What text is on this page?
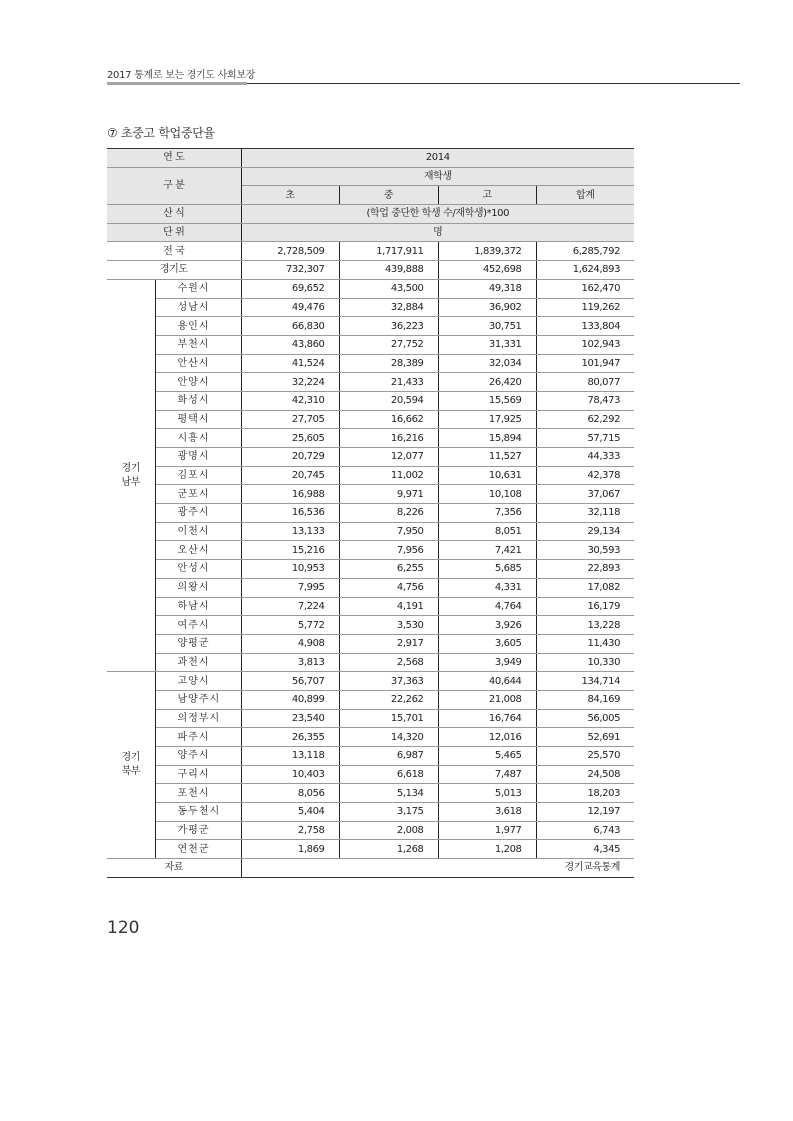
2017 통계로 보는 경기도 사회보장
⑦ 초중고 학업중단율
연 도		2014			
구 분		재학생			
		초	중	고	합계
산 식		(학업 중단한 학생 수/재학생)*100			
단 위		명			
전 국		2,728,509	1,717,911	1,839,372	6,285,792
경기도		732,307	439,888	452,698	1,624,893

경기
남부	수원시	69,652	43,500	49,318	162,470
	성남시	49,476	32,884	36,902	119,262
	용인시	66,830	36,223	30,751	133,804
	부천시	43,860	27,752	31,331	102,943
	안산시	41,524	28,389	32,034	101,947
	안양시	32,224	21,433	26,420	80,077
	화성시	42,310	20,594	15,569	78,473
	평택시	27,705	16,662	17,925	62,292
	시흥시	25,605	16,216	15,894	57,715
	광명시	20,729	12,077	11,527	44,333
	김포시	20,745	11,002	10,631	42,378
	군포시	16,988	9,971	10,108	37,067
	광주시	16,536	8,226	7,356	32,118
	이천시	13,133	7,950	8,051	29,134
	오산시	15,216	7,956	7,421	30,593
	안성시	10,953	6,255	5,685	22,893
	의왕시	7,995	4,756	4,331	17,082
	하남시	7,224	4,191	4,764	16,179
	여주시	5,772	3,530	3,926	13,228
	양평군	4,908	2,917	3,605	11,430
	과천시	3,813	2,568	3,949	10,330

경기
북부	고양시	56,707	37,363	40,644	134,714
	남양주시	40,899	22,262	21,008	84,169
	의정부시	23,540	15,701	16,764	56,005
	파주시	26,355	14,320	12,016	52,691
	양주시	13,118	6,987	5,465	25,570
	구리시	10,403	6,618	7,487	24,508
	포천시	8,056	5,134	5,013	18,203
	동두천시	5,404	3,175	3,618	12,197
	가평군	2,758	2,008	1,977	6,743
	연천군	1,869	1,268	1,208	4,345
자료		경기교육통계			
120
